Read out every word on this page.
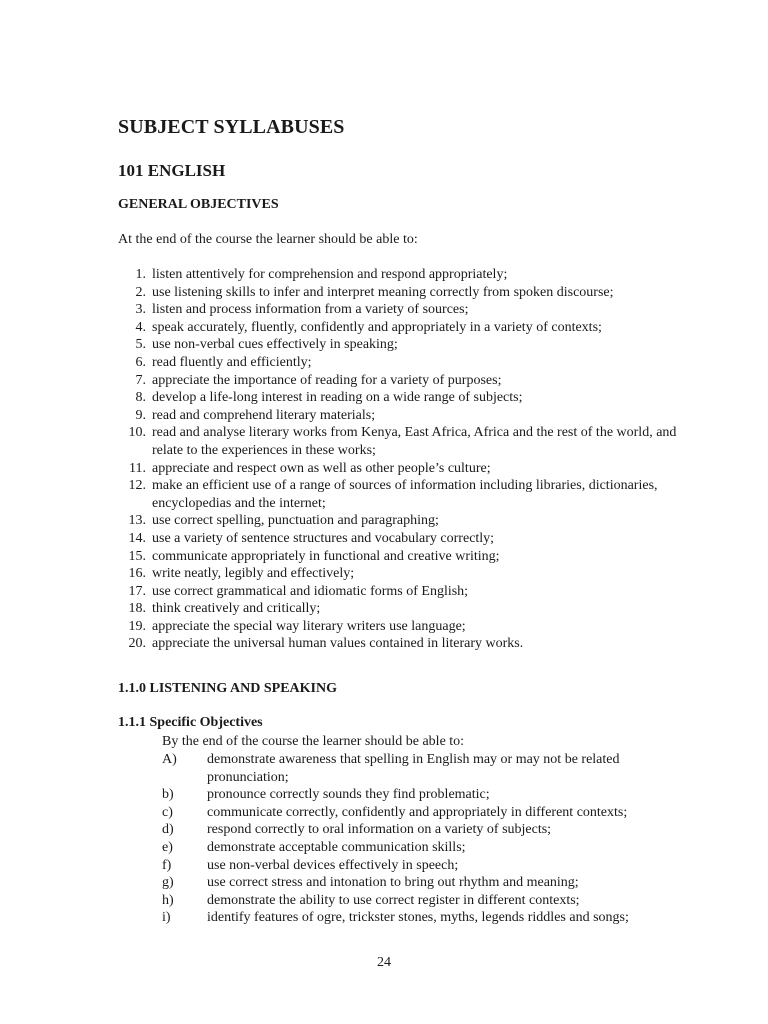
SUBJECT SYLLABUSES
101 ENGLISH
GENERAL OBJECTIVES
At the end of the course the learner should be able to:
1. listen attentively for comprehension and respond appropriately;
2. use listening skills to infer and interpret meaning correctly from spoken discourse;
3. listen and process information from a variety of sources;
4. speak accurately, fluently, confidently and appropriately in a variety of contexts;
5. use non-verbal cues effectively in speaking;
6. read fluently and efficiently;
7. appreciate the importance of reading for a variety of purposes;
8. develop a life-long interest in reading on a wide range of subjects;
9. read and comprehend literary materials;
10. read and analyse literary works from Kenya, East Africa, Africa and the rest of the world, and relate to the experiences in these works;
11. appreciate and respect own as well as other people’s culture;
12. make an efficient use of a range of sources of information including libraries, dictionaries, encyclopedias and the internet;
13. use correct spelling, punctuation and paragraphing;
14. use a variety of sentence structures and vocabulary correctly;
15. communicate appropriately in functional and creative writing;
16. write neatly, legibly and effectively;
17. use correct grammatical and idiomatic forms of English;
18. think creatively and critically;
19. appreciate the special way literary writers use language;
20. appreciate the universal human values contained in literary works.
1.1.0 LISTENING AND SPEAKING
1.1.1 Specific Objectives
By the end of the course the learner should be able to:
A)	demonstrate awareness that spelling in English may or may not be related pronunciation;
b)	pronounce correctly sounds they find problematic;
c)	communicate correctly, confidently and appropriately in different contexts;
d)	respond correctly to oral information on a variety of subjects;
e)	demonstrate acceptable communication skills;
f)	use non-verbal devices effectively in speech;
g)	use correct stress and intonation to bring out rhythm and meaning;
h)	demonstrate the ability to use correct register in different contexts;
i)	identify features of ogre, trickster stones, myths, legends riddles and songs;
24
